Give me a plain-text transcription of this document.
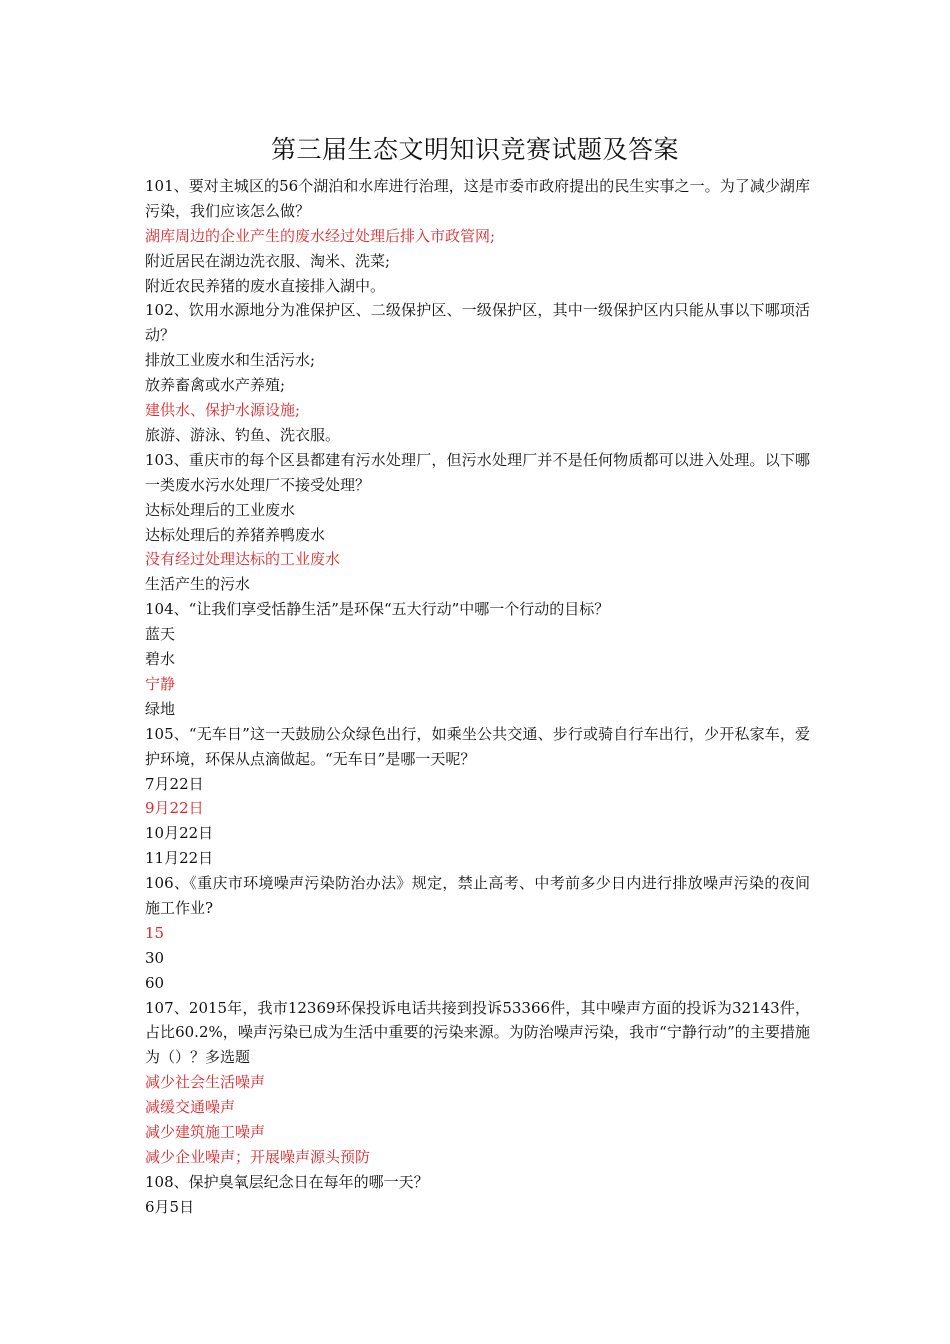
第三届生态文明知识竞赛试题及答案
101、要对主城区的56个湖泊和水库进行治理，这是市委市政府提出的民生实事之一。为了减少湖库污染，我们应该怎么做？
湖库周边的企业产生的废水经过处理后排入市政管网;
附近居民在湖边洗衣服、淘米、洗菜;
附近农民养猪的废水直接排入湖中。
102、饮用水源地分为准保护区、二级保护区、一级保护区，其中一级保护区内只能从事以下哪项活动？
排放工业废水和生活污水;
放养畜禽或水产养殖;
建供水、保护水源设施;
旅游、游泳、钓鱼、洗衣服。
103、重庆市的每个区县都建有污水处理厂，但污水处理厂并不是任何物质都可以进入处理。以下哪一类废水污水处理厂不接受处理？
达标处理后的工业废水
达标处理后的养猪养鸭废水
没有经过处理达标的工业废水
生活产生的污水
104、“让我们享受恬静生活”是环保“五大行动”中哪一个行动的目标？
蓝天
碧水
宁静
绿地
105、“无车日”这一天鼓励公众绿色出行，如乘坐公共交通、步行或骑自行车出行，少开私家车，爱护环境，环保从点滴做起。“无车日”是哪一天呢？
7月22日
9月22日
10月22日
11月22日
106、《重庆市环境噪声污染防治办法》规定，禁止高考、中考前多少日内进行排放噪声污染的夜间施工作业?
15
30
60
107、2015年，我市12369环保投诉电话共接到投诉53366件，其中噪声方面的投诉为32143件，占比60.2%，噪声污染已成为生活中重要的污染来源。为防治噪声污染，我市“宁静行动”的主要措施为（）？多选题
减少社会生活噪声
减缓交通噪声
减少建筑施工噪声
减少企业噪声；开展噪声源头预防
108、保护臭氧层纪念日在每年的哪一天？
6月5日
